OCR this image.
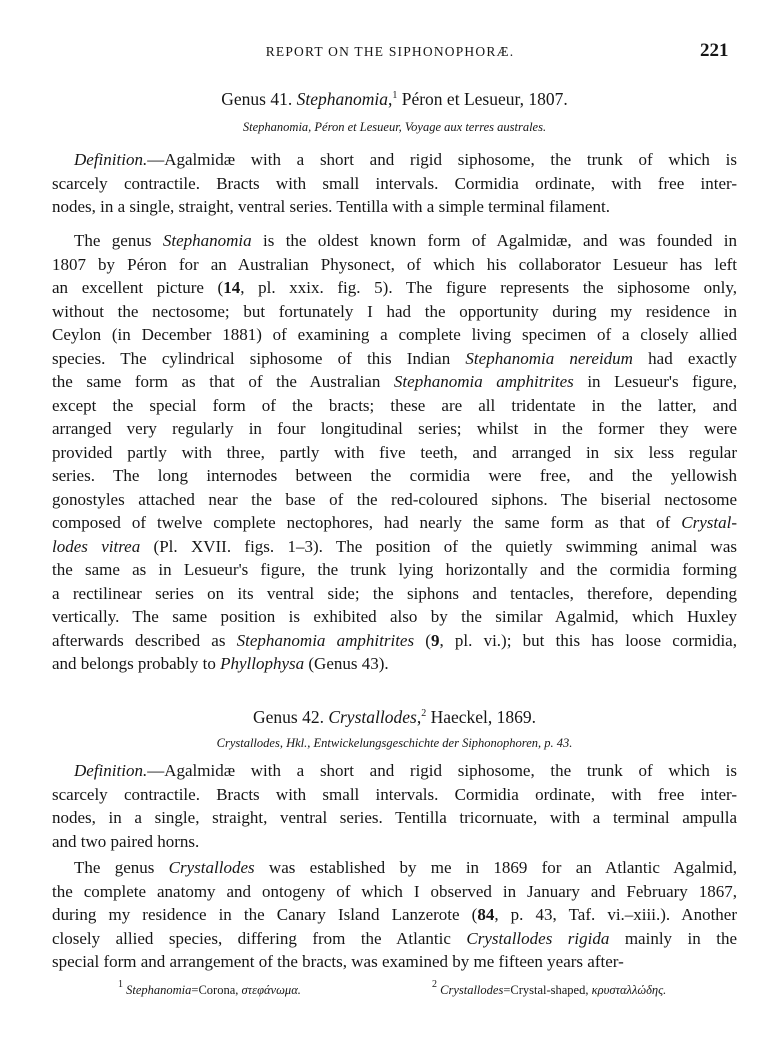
REPORT ON THE SIPHONOPHORÆ.	221
Genus 41. Stephanomia,$^1$ Péron et Lesueur, 1807.
Stephanomia, Péron et Lesueur, Voyage aux terres australes.
Definition.—Agalmidæ with a short and rigid siphosome, the trunk of which is
scarcely contractile. Bracts with small intervals. Cormidia ordinate, with free inter-
nodes, in a single, straight, ventral series. Tentilla with a simple terminal filament.
The genus Stephanomia is the oldest known form of Agalmidæ, and was founded in
1807 by Péron for an Australian Physonect, of which his collaborator Lesueur has left
an excellent picture (14, pl. xxix. fig. 5). The figure represents the siphosome only,
without the nectosome; but fortunately I had the opportunity during my residence in
Ceylon (in December 1881) of examining a complete living specimen of a closely allied
species. The cylindrical siphosome of this Indian Stephanomia nereidum had exactly
the same form as that of the Australian Stephanomia amphitrites in Lesueur's figure,
except the special form of the bracts; these are all tridentate in the latter, and
arranged very regularly in four longitudinal series; whilst in the former they were
provided partly with three, partly with five teeth, and arranged in six less regular
series. The long internodes between the cormidia were free, and the yellowish
gonostyles attached near the base of the red-coloured siphons. The biserial nectosome
composed of twelve complete nectophores, had nearly the same form as that of Crystal-
lodes vitrea (Pl. XVII. figs. 1–3). The position of the quietly swimming animal was
the same as in Lesueur's figure, the trunk lying horizontally and the cormidia forming
a rectilinear series on its ventral side; the siphons and tentacles, therefore, depending
vertically. The same position is exhibited also by the similar Agalmid, which Huxley
afterwards described as Stephanomia amphitrites (9, pl. vi.); but this has loose cormidia,
and belongs probably to Phyllophysa (Genus 43).
Genus 42. Crystallodes,$^2$ Haeckel, 1869.
Crystallodes, Hkl., Entwickelungsgeschichte der Siphonophoren, p. 43.
Definition.—Agalmidæ with a short and rigid siphosome, the trunk of which is
scarcely contractile. Bracts with small intervals. Cormidia ordinate, with free inter-
nodes, in a single, straight, ventral series. Tentilla tricornuate, with a terminal ampulla
and two paired horns.
The genus Crystallodes was established by me in 1869 for an Atlantic Agalmid,
the complete anatomy and ontogeny of which I observed in January and February 1867,
during my residence in the Canary Island Lanzerote (84, p. 43, Taf. vi.–xiii.). Another
closely allied species, differing from the Atlantic Crystallodes rigida mainly in the
special form and arrangement of the bracts, was examined by me fifteen years after-
$^1$ Stephanomia=Corona, στεφάνωμα.	$^2$ Crystallodes=Crystal-shaped, κρυσταλλώδης.
